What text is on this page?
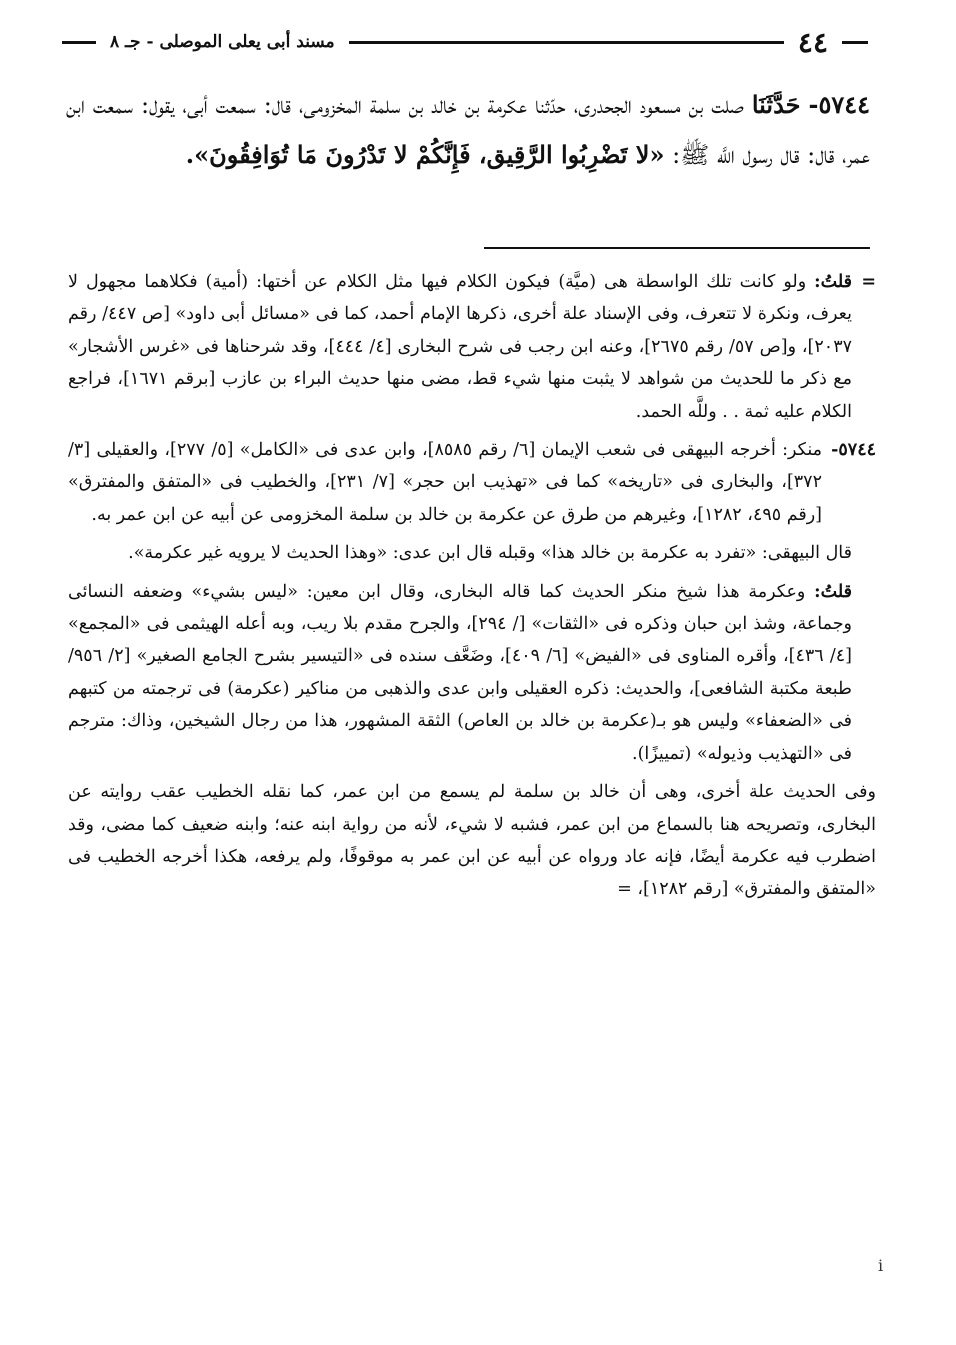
٤٤
مسند أبى يعلى الموصلى - جـ ٨
٥٧٤٤- حَدَّثَنَا صلت بن مسعود الجحدرى، حدّثنا عكرمة بن خالد بن سلمة المخزومى، قال: سمعت أبى، يقول: سمعت ابن عمر، قال: قال رسول اللَّه ﷺ: «لا تَضْرِبُوا الرَّقِيق، فَإِنَّكُمْ لا تَدْرُونَ مَا تُوَافِقُونَ».
=
قلتُ: ولو كانت تلك الواسطة هى (ميَّة) فيكون الكلام فيها مثل الكلام عن أختها: (أمية) فكلاهما مجهول لا يعرف، ونكرة لا تتعرف، وفى الإسناد علة أخرى، ذكرها الإمام أحمد، كما فى «مسائل أبى داود» [ص ٤٤٧/ رقم ٢٠٣٧]، و[ص ٥٧/ رقم ٢٦٧٥]، وعنه ابن رجب فى شرح البخارى [٤/ ٤٤٤]، وقد شرحناها فى «غرس الأشجار» مع ذكر ما للحديث من شواهد لا يثبت منها شيء قط، مضى منها حديث البراء بن عازب [برقم ١٦٧١]، فراجع الكلام عليه ثمة . . وللَّه الحمد.
٥٧٤٤-
منكر: أخرجه البيهقى فى شعب الإيمان [٦/ رقم ٨٥٨٥]، وابن عدى فى «الكامل» [٥/ ٢٧٧]، والعقيلى [٣/ ٣٧٢]، والبخارى فى «تاريخه» كما فى «تهذيب ابن حجر» [٧/ ٢٣١]، والخطيب فى «المتفق والمفترق» [رقم ٤٩٥، ١٢٨٢]، وغيرهم من طرق عن عكرمة بن خالد بن سلمة المخزومى عن أبيه عن ابن عمر به.
قال البيهقى: «تفرد به عكرمة بن خالد هذا» وقبله قال ابن عدى: «وهذا الحديث لا يرويه غير عكرمة».
قلتُ: وعكرمة هذا شيخ منكر الحديث كما قاله البخارى، وقال ابن معين: «ليس بشيء» وضعفه النسائى وجماعة، وشذ ابن حبان وذكره فى «الثقات» [/ ٢٩٤]، والجرح مقدم بلا ريب، وبه أعله الهيثمى فى «المجمع» [٤/ ٤٣٦]، وأقره المناوى فى «الفيض» [٦/ ٤٠٩]، وضَعَّف سنده فى «التيسير بشرح الجامع الصغير» [٢/ ٩٥٦/ طبعة مكتبة الشافعى]، والحديث: ذكره العقيلى وابن عدى والذهبى من مناكير (عكرمة) فى ترجمته من كتبهم فى «الضعفاء» وليس هو بـ(عكرمة بن خالد بن العاص) الثقة المشهور، هذا من رجال الشيخين، وذاك: مترجم فى «التهذيب وذيوله» (تمييزًا).
وفى الحديث علة أخرى، وهى أن خالد بن سلمة لم يسمع من ابن عمر، كما نقله الخطيب عقب روايته عن البخارى، وتصريحه هنا بالسماع من ابن عمر، فشبه لا شيء، لأنه من رواية ابنه عنه؛ وابنه ضعيف كما مضى، وقد اضطرب فيه عكرمة أيضًا، فإنه عاد ورواه عن أبيه عن ابن عمر به موقوفًا، ولم يرفعه، هكذا أخرجه الخطيب فى «المتفق والمفترق» [رقم ١٢٨٢]، =
i
